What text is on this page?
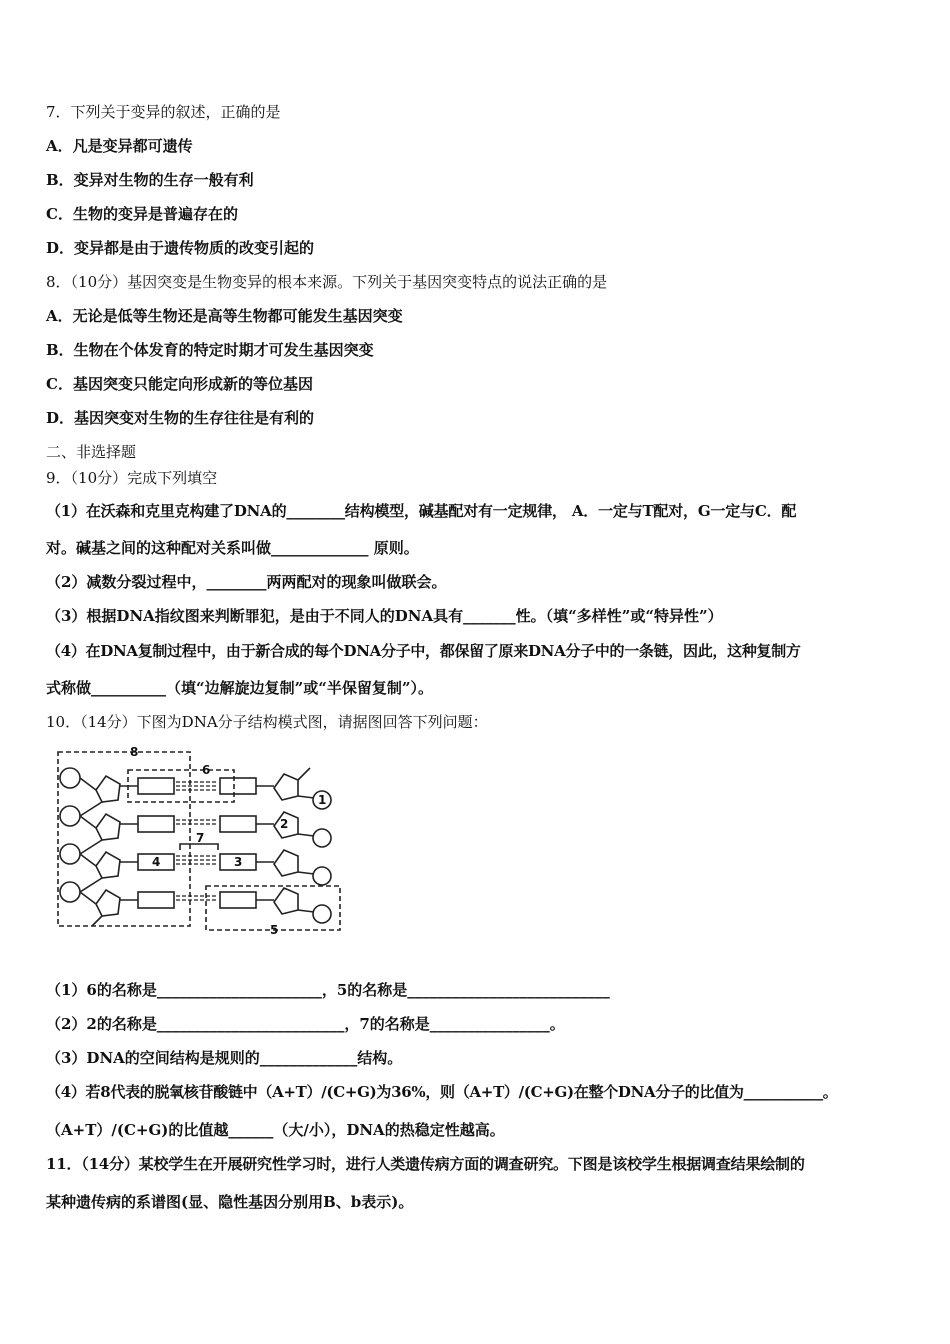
7．下列关于变异的叙述，正确的是
A．凡是变异都可遗传
B．变异对生物的生存一般有利
C．生物的变异是普遍存在的
D．变异都是由于遗传物质的改变引起的
8．（10分）基因突变是生物变异的根本来源。下列关于基因突变特点的说法正确的是
A．无论是低等生物还是高等生物都可能发生基因突变
B．生物在个体发育的特定时期才可发生基因突变
C．基因突变只能定向形成新的等位基因
D．基因突变对生物的生存往往是有利的
二、非选择题
9．（10分）完成下列填空
（1）在沃森和克里克构建了DNA的________结构模型，碱基配对有一定规律， A．一定与T配对，G一定与C．配
对。碱基之间的这种配对关系叫做_____________ 原则。
（2）减数分裂过程中，________两两配对的现象叫做联会。
（3）根据DNA指纹图来判断罪犯，是由于不同人的DNA具有_______性。（填“多样性”或“特异性”）
（4）在DNA复制过程中，由于新合成的每个DNA分子中，都保留了原来DNA分子中的一条链，因此，这种复制方
式称做__________（填“边解旋边复制”或“半保留复制”）。
10．（14分）下图为DNA分子结构模式图，请据图回答下列问题：
8
6
1
2
7
3
4
5
（1）6的名称是______________________，5的名称是___________________________
（2）2的名称是_________________________，7的名称是________________。
（3）DNA的空间结构是规则的_____________结构。
（4）若8代表的脱氧核苷酸链中（A+T）/(C+G)为36%，则（A+T）/(C+G)在整个DNA分子的比值为___________。
（A+T）/(C+G)的比值越______（大/小），DNA的热稳定性越高。
11．（14分）某校学生在开展研究性学习时，进行人类遗传病方面的调查研究。下图是该校学生根据调查结果绘制的
某种遗传病的系谱图(显、隐性基因分别用B、b表示)。
